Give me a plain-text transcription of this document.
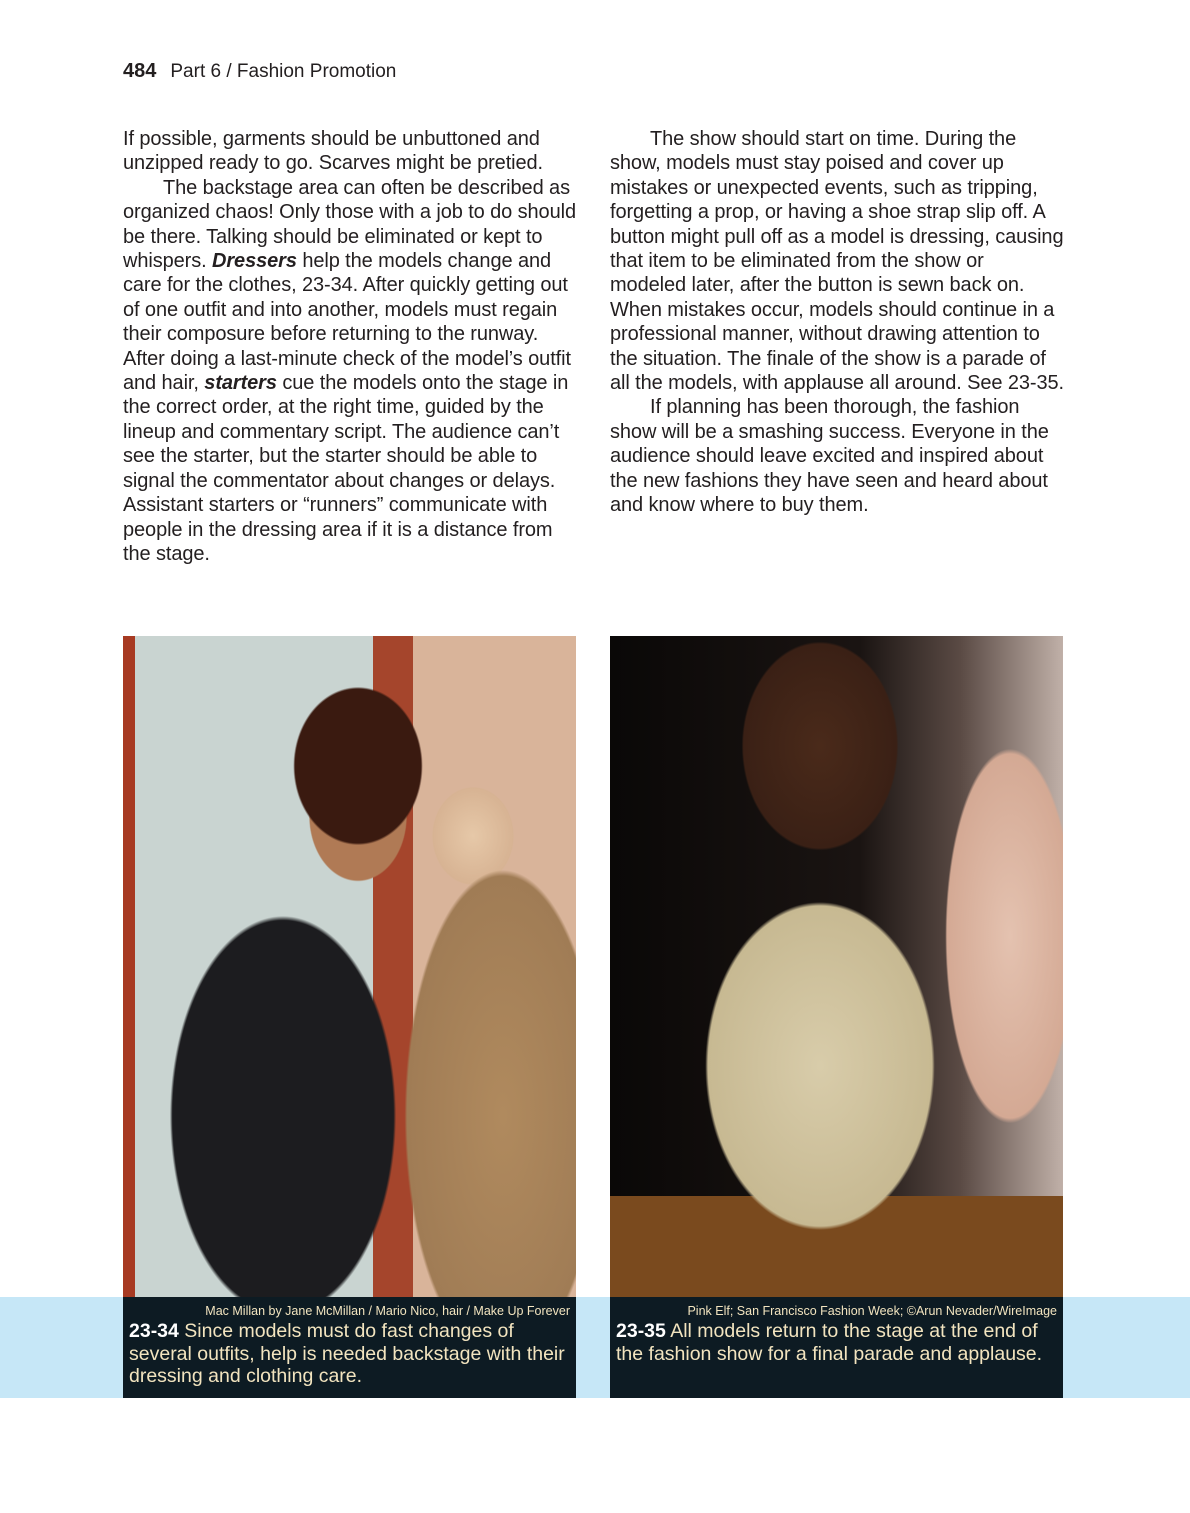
484 Part 6 / Fashion Promotion

If possible, garments should be unbuttoned and unzipped ready to go. Scarves might be pretied.

The backstage area can often be described as organized chaos! Only those with a job to do should be there. Talking should be eliminated or kept to whispers. Dressers help the models change and care for the clothes, 23-34. After quickly getting out of one outfit and into another, models must regain their composure before returning to the runway. After doing a last-minute check of the model’s outfit and hair, starters cue the models onto the stage in the correct order, at the right time, guided by the lineup and commentary script. The audience can’t see the starter, but the starter should be able to signal the commentator about changes or delays. Assistant starters or “runners” communicate with people in the dressing area if it is a distance from the stage.

The show should start on time. During the show, models must stay poised and cover up mistakes or unexpected events, such as tripping, forgetting a prop, or having a shoe strap slip off. A button might pull off as a model is dressing, causing that item to be eliminated from the show or modeled later, after the button is sewn back on. When mistakes occur, models should continue in a professional manner, without drawing attention to the situation. The finale of the show is a parade of all the models, with applause all around. See 23-35.

If planning has been thorough, the fashion show will be a smashing success. Everyone in the audience should leave excited and inspired about the new fashions they have seen and heard about and know where to buy them.

Mac Millan by Jane McMillan / Mario Nico, hair / Make Up Forever
23-34 Since models must do fast changes of several outfits, help is needed backstage with their dressing and clothing care.
Pink Elf; San Francisco Fashion Week; ©Arun Nevader/WireImage
23-35 All models return to the stage at the end of the fashion show for a final parade and applause.
